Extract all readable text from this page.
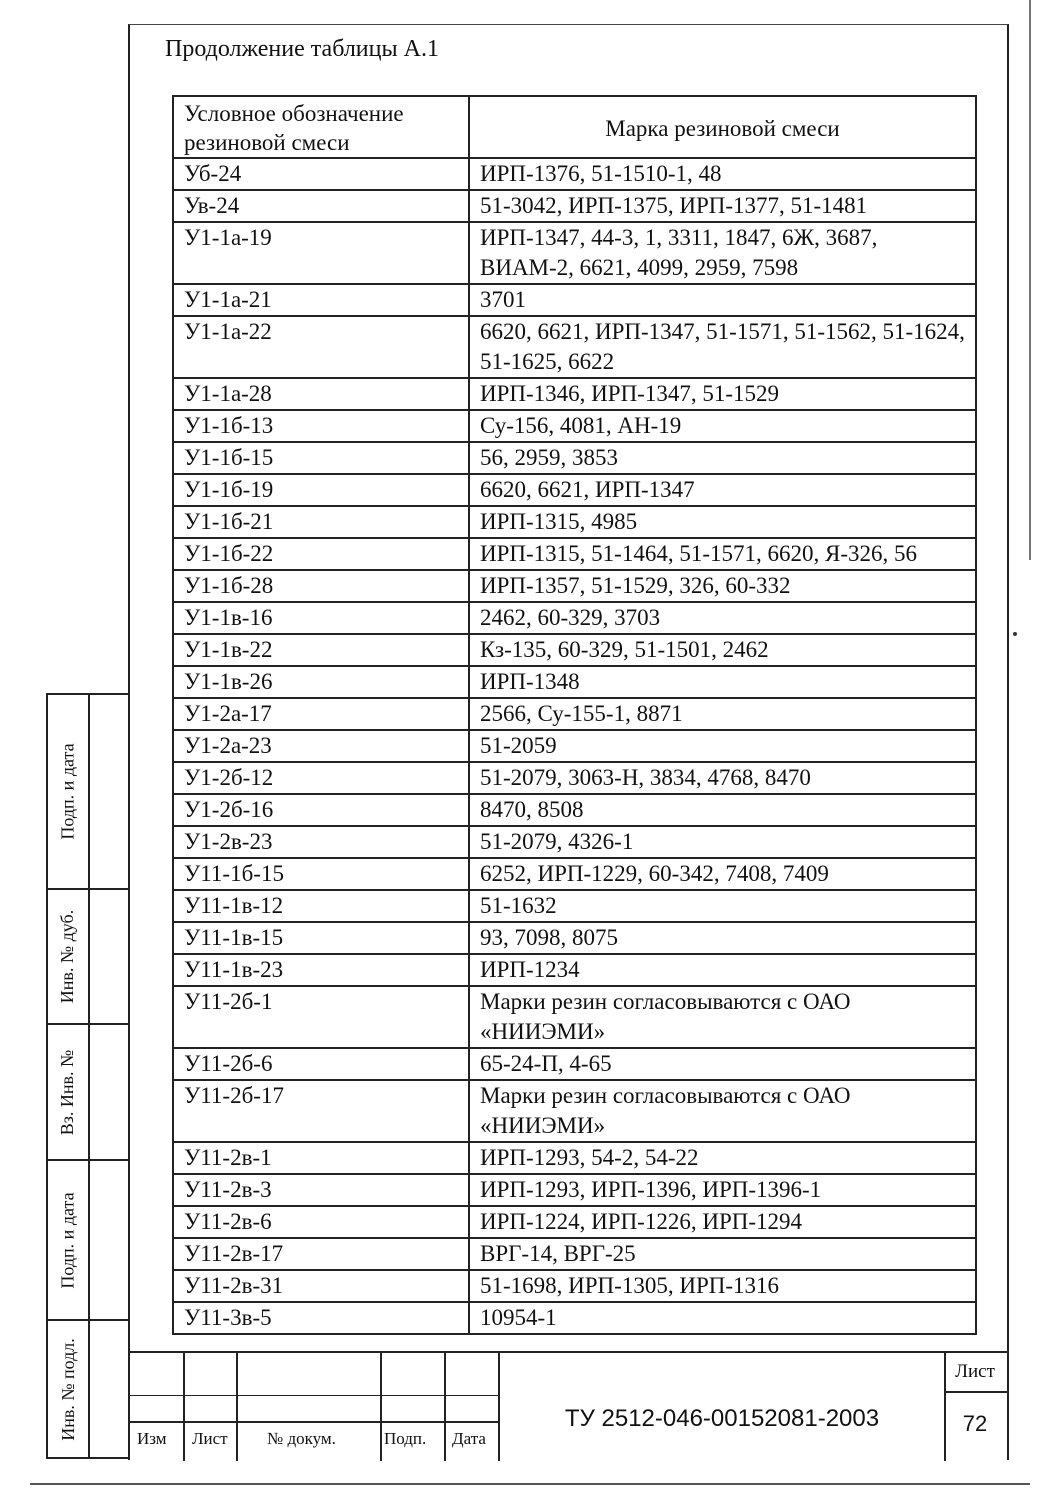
Продолжение таблицы А.1
Условное обозначение резиновой смеси	Марка резиновой смеси
Уб-24	ИРП-1376, 51-1510-1, 48
Ув-24	51-3042, ИРП-1375, ИРП-1377, 51-1481
У1-1а-19	ИРП-1347, 44-3, 1, 3311, 1847, 6Ж, 3687, ВИАМ-2, 6621, 4099, 2959, 7598
У1-1а-21	3701
У1-1а-22	6620, 6621, ИРП-1347, 51-1571, 51-1562, 51-1624, 51-1625, 6622
У1-1а-28	ИРП-1346, ИРП-1347, 51-1529
У1-1б-13	Су-156, 4081, АН-19
У1-1б-15	56, 2959, 3853
У1-1б-19	6620, 6621, ИРП-1347
У1-1б-21	ИРП-1315, 4985
У1-1б-22	ИРП-1315, 51-1464, 51-1571, 6620, Я-326, 56
У1-1б-28	ИРП-1357, 51-1529, 326, 60-332
У1-1в-16	2462, 60-329, 3703
У1-1в-22	Кз-135, 60-329, 51-1501, 2462
У1-1в-26	ИРП-1348
У1-2а-17	2566, Су-155-1, 8871
У1-2а-23	51-2059
У1-2б-12	51-2079, 3063-Н, 3834, 4768, 8470
У1-2б-16	8470, 8508
У1-2в-23	51-2079, 4326-1
У11-1б-15	6252, ИРП-1229, 60-342, 7408, 7409
У11-1в-12	51-1632
У11-1в-15	93, 7098, 8075
У11-1в-23	ИРП-1234
У11-2б-1	Марки резин согласовываются с ОАО «НИИЭМИ»
У11-2б-6	65-24-П, 4-65
У11-2б-17	Марки резин согласовываются с ОАО «НИИЭМИ»
У11-2в-1	ИРП-1293, 54-2, 54-22
У11-2в-3	ИРП-1293, ИРП-1396, ИРП-1396-1
У11-2в-6	ИРП-1224, ИРП-1226, ИРП-1294
У11-2в-17	ВРГ-14, ВРГ-25
У11-2в-31	51-1698, ИРП-1305, ИРП-1316
У11-3в-5	10954-1
Подп. и дата
Инв. № дуб.
Вз. Инв. №
Подп. и дата
Инв. № подл.	Изм Лист № докум.	Подп. Дата
ТУ 2512-046-00152081-2003
Лист
72
